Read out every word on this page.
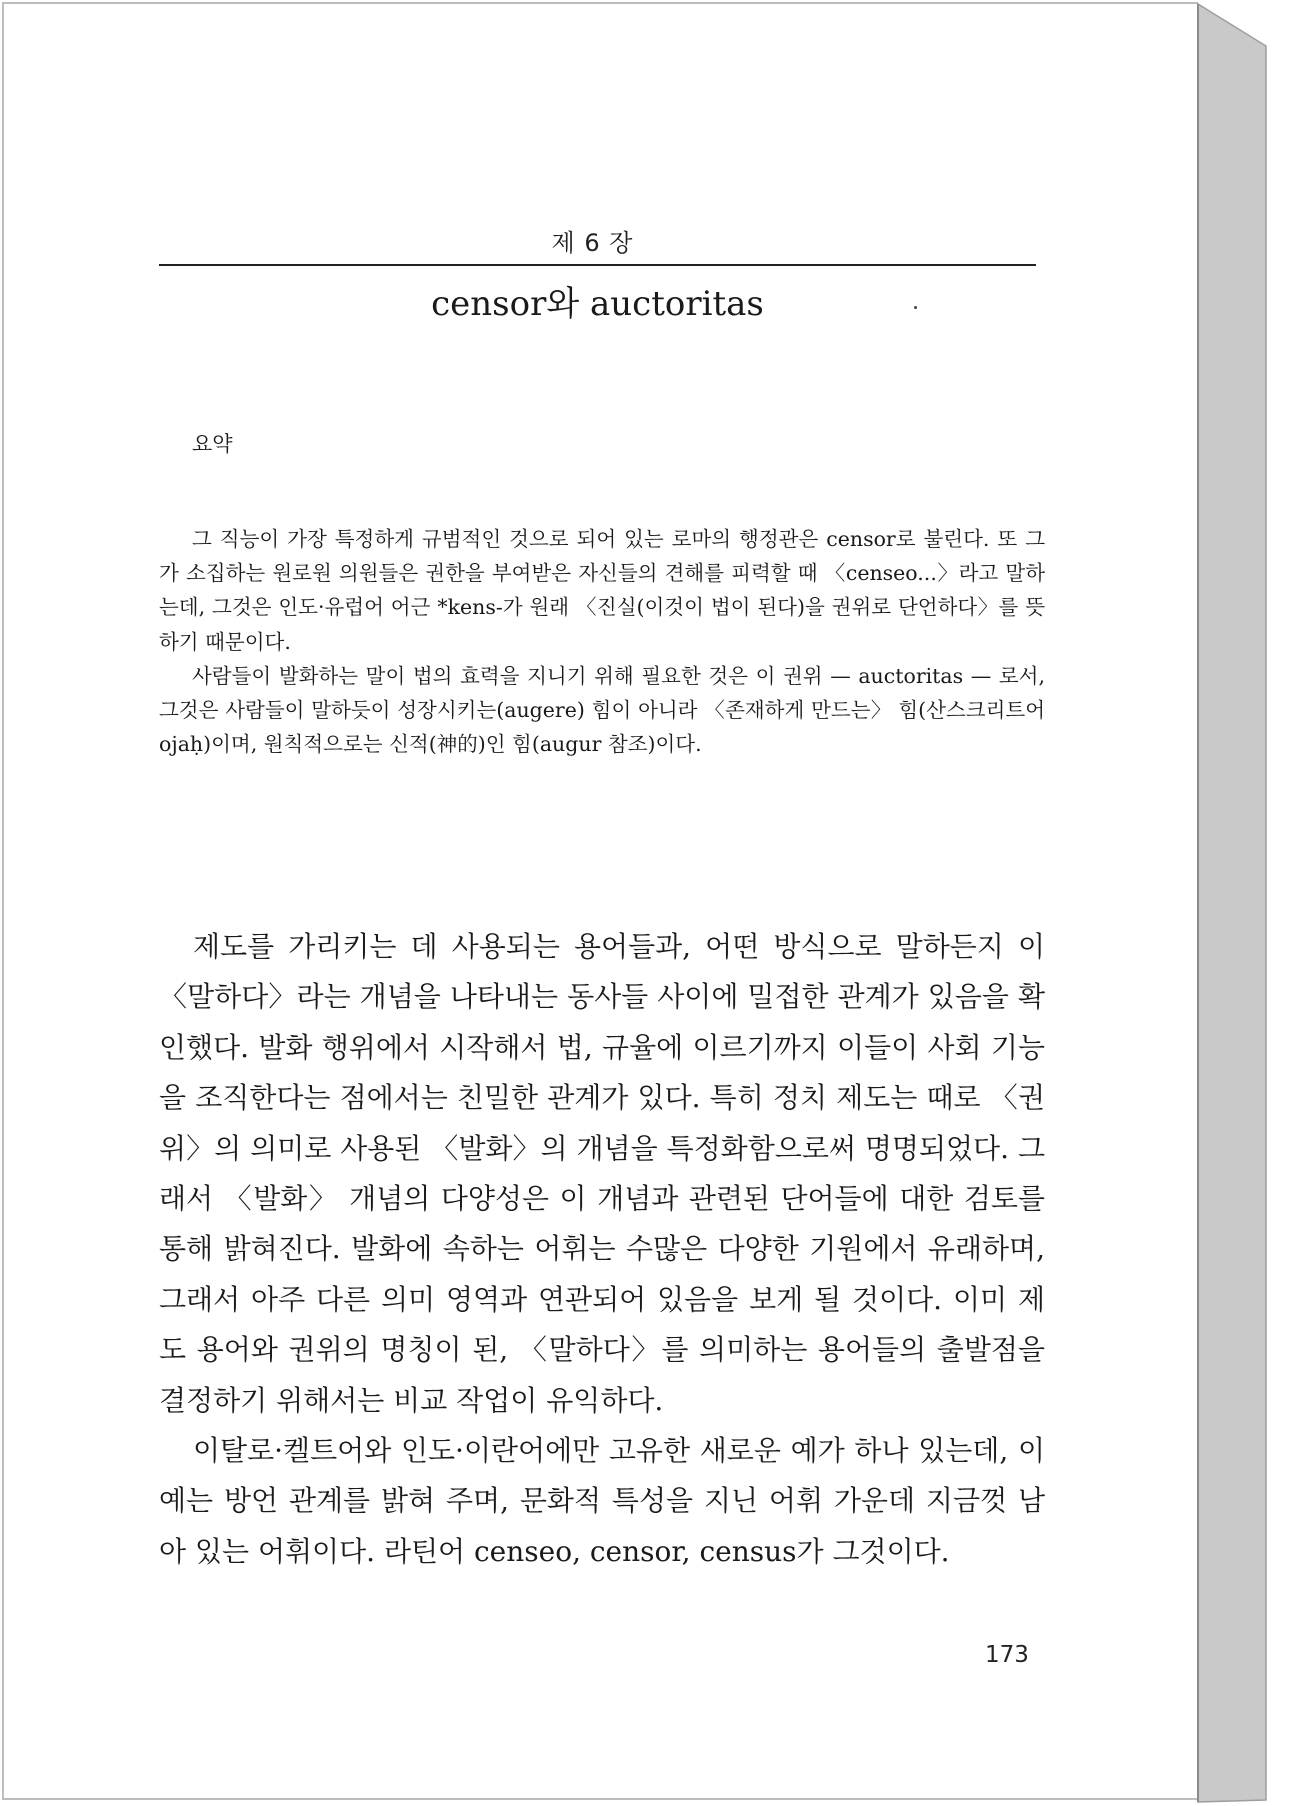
제 6 장
censor와 auctoritas
요약

그 직능이 가장 특정하게 규범적인 것으로 되어 있는 로마의 행정관은 censor로 불린다. 또 그가 소집하는 원로원 의원들은 권한을 부여받은 자신들의 견해를 피력할 때 〈censeo...〉라고 말하는데, 그것은 인도·유럽어 어근 *kens-가 원래 〈진실(이것이 법이 된다)을 권위로 단언하다〉를 뜻하기 때문이다.

사람들이 발화하는 말이 법의 효력을 지니기 위해 필요한 것은 이 권위 — auctoritas — 로서, 그것은 사람들이 말하듯이 성장시키는(augere) 힘이 아니라 〈존재하게 만드는〉 힘(산스크리트어 ojaḥ)이며, 원칙적으로는 신적(神的)인 힘(augur 참조)이다.

제도를 가리키는 데 사용되는 용어들과, 어떤 방식으로 말하든지 이 〈말하다〉라는 개념을 나타내는 동사들 사이에 밀접한 관계가 있음을 확인했다. 발화 행위에서 시작해서 법, 규율에 이르기까지 이들이 사회 기능을 조직한다는 점에서는 친밀한 관계가 있다. 특히 정치 제도는 때로 〈권위〉의 의미로 사용된 〈발화〉의 개념을 특정화함으로써 명명되었다. 그래서 〈발화〉 개념의 다양성은 이 개념과 관련된 단어들에 대한 검토를 통해 밝혀진다. 발화에 속하는 어휘는 수많은 다양한 기원에서 유래하며, 그래서 아주 다른 의미 영역과 연관되어 있음을 보게 될 것이다. 이미 제도 용어와 권위의 명칭이 된, 〈말하다〉를 의미하는 용어들의 출발점을 결정하기 위해서는 비교 작업이 유익하다.

이탈로·켈트어와 인도·이란어에만 고유한 새로운 예가 하나 있는데, 이 예는 방언 관계를 밝혀 주며, 문화적 특성을 지닌 어휘 가운데 지금껏 남아 있는 어휘이다. 라틴어 censeo, censor, census가 그것이다.

173
